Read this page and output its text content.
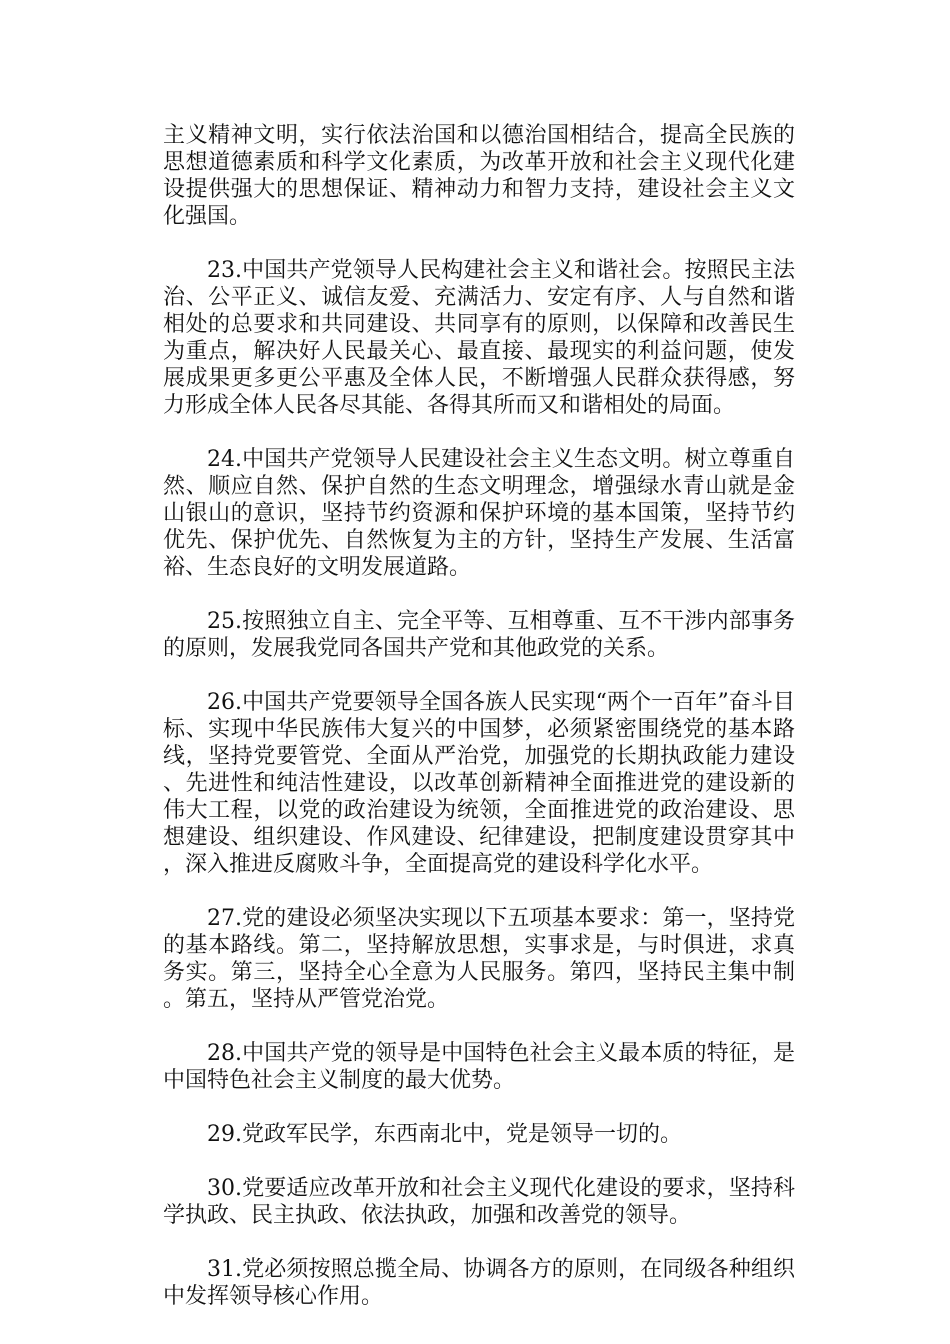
主义精神文明，实行依法治国和以德治国相结合，提高全民族的思想道德素质和科学文化素质，为改革开放和社会主义现代化建设提供强大的思想保证、精神动力和智力支持，建设社会主义文化强国。

23.中国共产党领导人民构建社会主义和谐社会。按照民主法治、公平正义、诚信友爱、充满活力、安定有序、人与自然和谐相处的总要求和共同建设、共同享有的原则，以保障和改善民生为重点，解决好人民最关心、最直接、最现实的利益问题，使发展成果更多更公平惠及全体人民，不断增强人民群众获得感，努力形成全体人民各尽其能、各得其所而又和谐相处的局面。

24.中国共产党领导人民建设社会主义生态文明。树立尊重自然、顺应自然、保护自然的生态文明理念，增强绿水青山就是金山银山的意识，坚持节约资源和保护环境的基本国策，坚持节约优先、保护优先、自然恢复为主的方针，坚持生产发展、生活富裕、生态良好的文明发展道路。

25.按照独立自主、完全平等、互相尊重、互不干涉内部事务的原则，发展我党同各国共产党和其他政党的关系。

26.中国共产党要领导全国各族人民实现“两个一百年”奋斗目标、实现中华民族伟大复兴的中国梦，必须紧密围绕党的基本路线，坚持党要管党、全面从严治党，加强党的长期执政能力建设、先进性和纯洁性建设，以改革创新精神全面推进党的建设新的伟大工程，以党的政治建设为统领，全面推进党的政治建设、思想建设、组织建设、作风建设、纪律建设，把制度建设贯穿其中，深入推进反腐败斗争，全面提高党的建设科学化水平。

27.党的建设必须坚决实现以下五项基本要求：第一，坚持党的基本路线。第二，坚持解放思想，实事求是，与时俱进，求真务实。第三，坚持全心全意为人民服务。第四，坚持民主集中制。第五，坚持从严管党治党。

28.中国共产党的领导是中国特色社会主义最本质的特征，是中国特色社会主义制度的最大优势。

29.党政军民学，东西南北中，党是领导一切的。

30.党要适应改革开放和社会主义现代化建设的要求，坚持科学执政、民主执政、依法执政，加强和改善党的领导。

31.党必须按照总揽全局、协调各方的原则，在同级各种组织中发挥领导核心作用。
